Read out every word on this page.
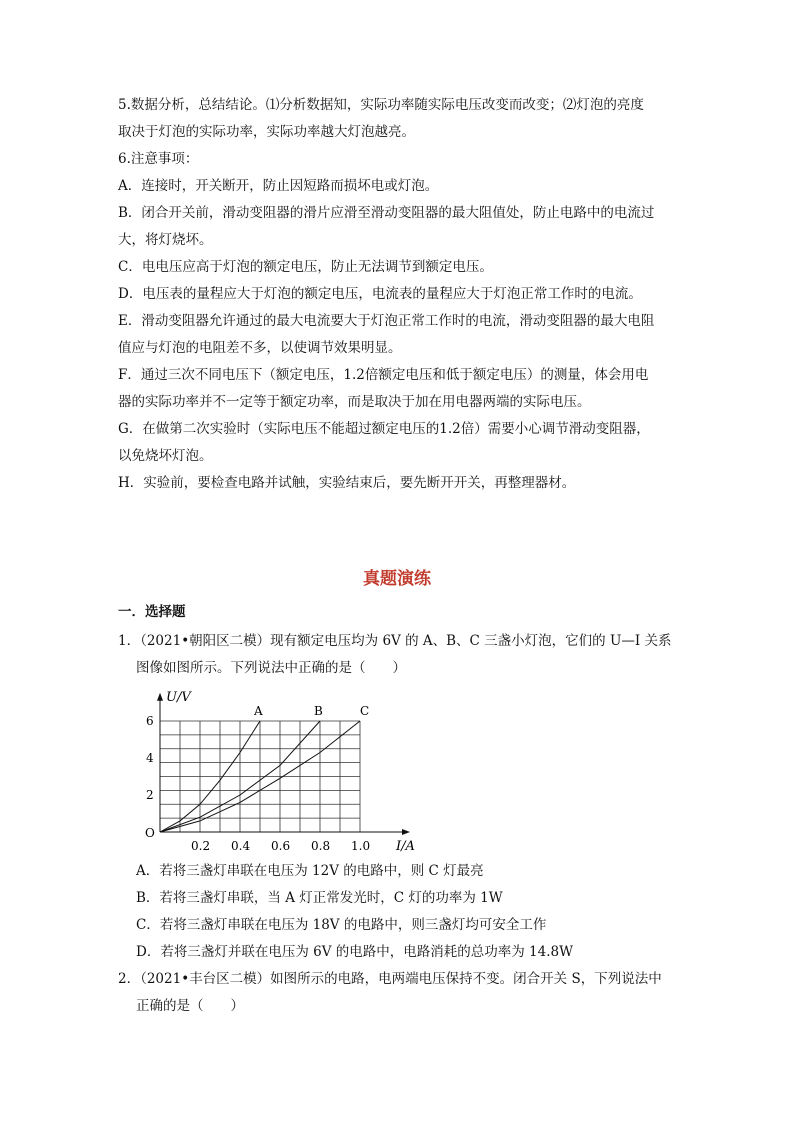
5.数据分析，总结结论。⑴分析数据知，实际功率随实际电压改变而改变；⑵灯泡的亮度

取决于灯泡的实际功率，实际功率越大灯泡越亮。

6.注意事项：

A．连接时，开关断开，防止因短路而损坏电或灯泡。

B．闭合开关前，滑动变阻器的滑片应滑至滑动变阻器的最大阻值处，防止电路中的电流过

大，将灯烧坏。

C．电电压应高于灯泡的额定电压，防止无法调节到额定电压。

D．电压表的量程应大于灯泡的额定电压，电流表的量程应大于灯泡正常工作时的电流。

E．滑动变阻器允许通过的最大电流要大于灯泡正常工作时的电流，滑动变阻器的最大电阻

值应与灯泡的电阻差不多，以使调节效果明显。

F．通过三次不同电压下（额定电压，1.2倍额定电压和低于额定电压）的测量，体会用电

器的实际功率并不一定等于额定功率，而是取决于加在用电器两端的实际电压。

G．在做第二次实验时（实际电压不能超过额定电压的1.2倍）需要小心调节滑动变阻器，

以免烧坏灯泡。

H．实验前，要检查电路并试触，实验结束后，要先断开开关，再整理器材。

真题演练
一．选择题
1．（2021•朝阳区二模）现有额定电压均为 6V 的 A、B、C 三盏小灯泡，它们的 U—I 关系
图像如图所示。下列说法中正确的是（　　）
A	B	C
0.2 0.4 0.6 0.8 1.0
2
4
6
O
I/A
U/V
A．若将三盏灯串联在电压为 12V 的电路中，则 C 灯最亮
B．若将三盏灯串联，当 A 灯正常发光时，C 灯的功率为 1W
C．若将三盏灯串联在电压为 18V 的电路中，则三盏灯均可安全工作
D．若将三盏灯并联在电压为 6V 的电路中，电路消耗的总功率为 14.8W
2．（2021•丰台区二模）如图所示的电路，电两端电压保持不变。闭合开关 S，下列说法中
正确的是（　　）
